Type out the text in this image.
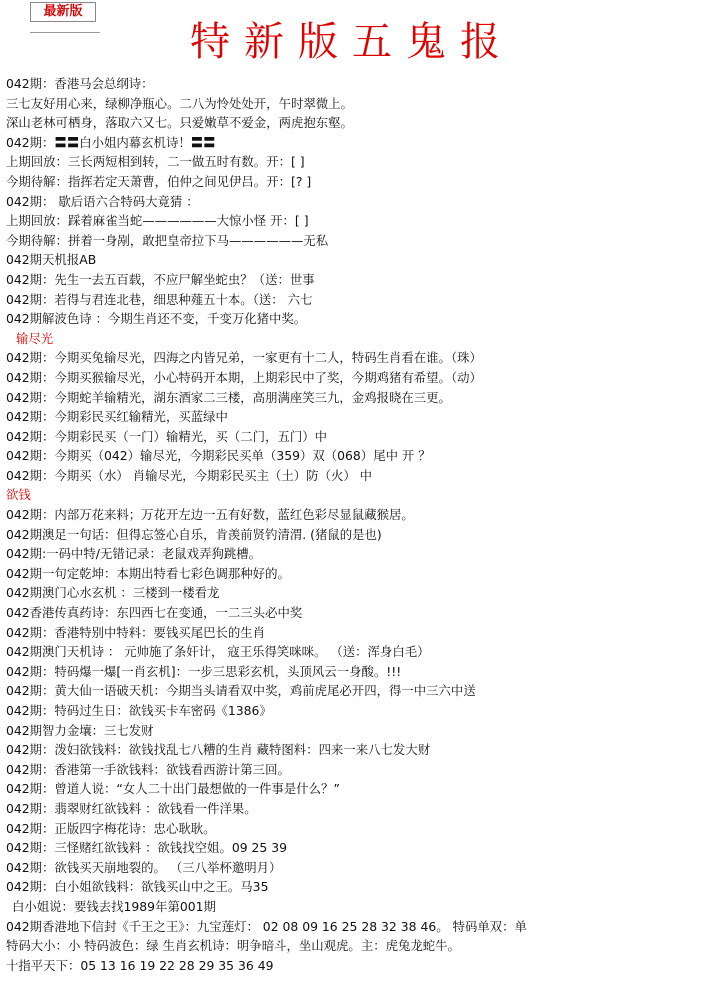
最新版
特新版五鬼报
042期：香港马会总纲诗：
三七友好用心来，绿柳净瓶心。二八为怜处处开，午时翠微上。
深山老林可栖身，落取六又七。只爱嫩草不爱金，两虎抱东壑。
042期：〓〓白小姐内幕玄机诗！〓〓
上期回放：三长两短相到转，二一做五时有数。开：[ ]
今期待解：指挥若定天萧曹，伯仲之间见伊吕。开：[? ]
042期： 歇后语六合特码大竟猜 ：
上期回放：踩着麻雀当蛇——————大惊小怪 开：[ ]
今期待解：拼着一身剐，敢把皇帝拉下马——————无私
042期天机报AB
042期：先生一去五百载，不应尸解坐蛇虫？（送：世事
042期：若得与君连北巷，细思种薤五十本。（送： 六七
042期解波色诗 ：今期生肖还不变，千变万化猪中奖。
输尽光
042期：今期买兔输尽光，四海之内皆兄弟，一家更有十二人，特码生肖看在谁。（珠）
042期：今期买猴输尽光，小心特码开本期，上期彩民中了奖，今期鸡猪有希望。（动）
042期：今期蛇羊输精光，湖东酒家二三楼，高朋满座笑三九，金鸡报晓在三更。
042期：今期彩民买红输精光，买蓝绿中
042期：今期彩民买（一门）输精光，买（二门，五门）中
042期：今期买（042）输尽光，今期彩民买单（359）双（068）尾中 开 ？
042期：今期买（水） 肖输尽光，今期彩民买主（土）防（火） 中
欲钱
042期：内部万花来料；万花开左边一五有好数，蓝红色彩尽显鼠藏猴居。
042期澳足一句话：但得忘签心自乐，肯羡前贤钓清渭. (猪鼠的是也)
042期:一码中特/无错记录：老鼠戏弄狗跳槽。
042期一句定乾坤：本期出特看七彩色调那种好的。
042期澳门心水玄机 ：三楼到一楼看龙
042香港传真药诗：东四西七在变通，一二三头必中奖
042期：香港特别中特料：要钱买尾巴长的生肖
042期澳门天机诗 ： 元帅施了条奸计， 寇王乐得笑咪咪。 （送：浑身白毛）
042期：特码爆一爆[一肖玄机]：一步三思彩玄机，头顶风云一身酸。!!!
042期：黄大仙一语破天机：今期当头请看双中奖，鸡前虎尾必开四，得一中三六中送
042期：特码过生日：欲钱买卡车密码《1386》
042期智力金壤：三七发财
042期：泼妇欲钱料：欲钱找乱七八糟的生肖 藏特图料：四来一来八七发大财
042期：香港第一手欲钱料：欲钱看西游计第三回。
042期：曾道人说：“女人二十出门最想做的一件事是什么？”
042期：翡翠财红欲钱料 ：欲钱看一件洋果。
042期：正版四字梅花诗：忠心耿耿。
042期：三怪赌红欲钱料 ：欲钱找空姐。09 25 39
042期：欲钱买天崩地裂的。 （三八举杯邀明月）
042期：白小姐欲钱料：欲钱买山中之王。马35
白小姐说：要钱去找1989年第001期
042期香港地下信封《千王之王》：九宝莲灯： 02 08 09 16 25 28 32 38 46。 特码单双：单
特码大小：小 特码波色：绿 生肖玄机诗：明争暗斗，坐山观虎。主：虎兔龙蛇牛。
十指平天下：05 13 16 19 22 28 29 35 36 49
